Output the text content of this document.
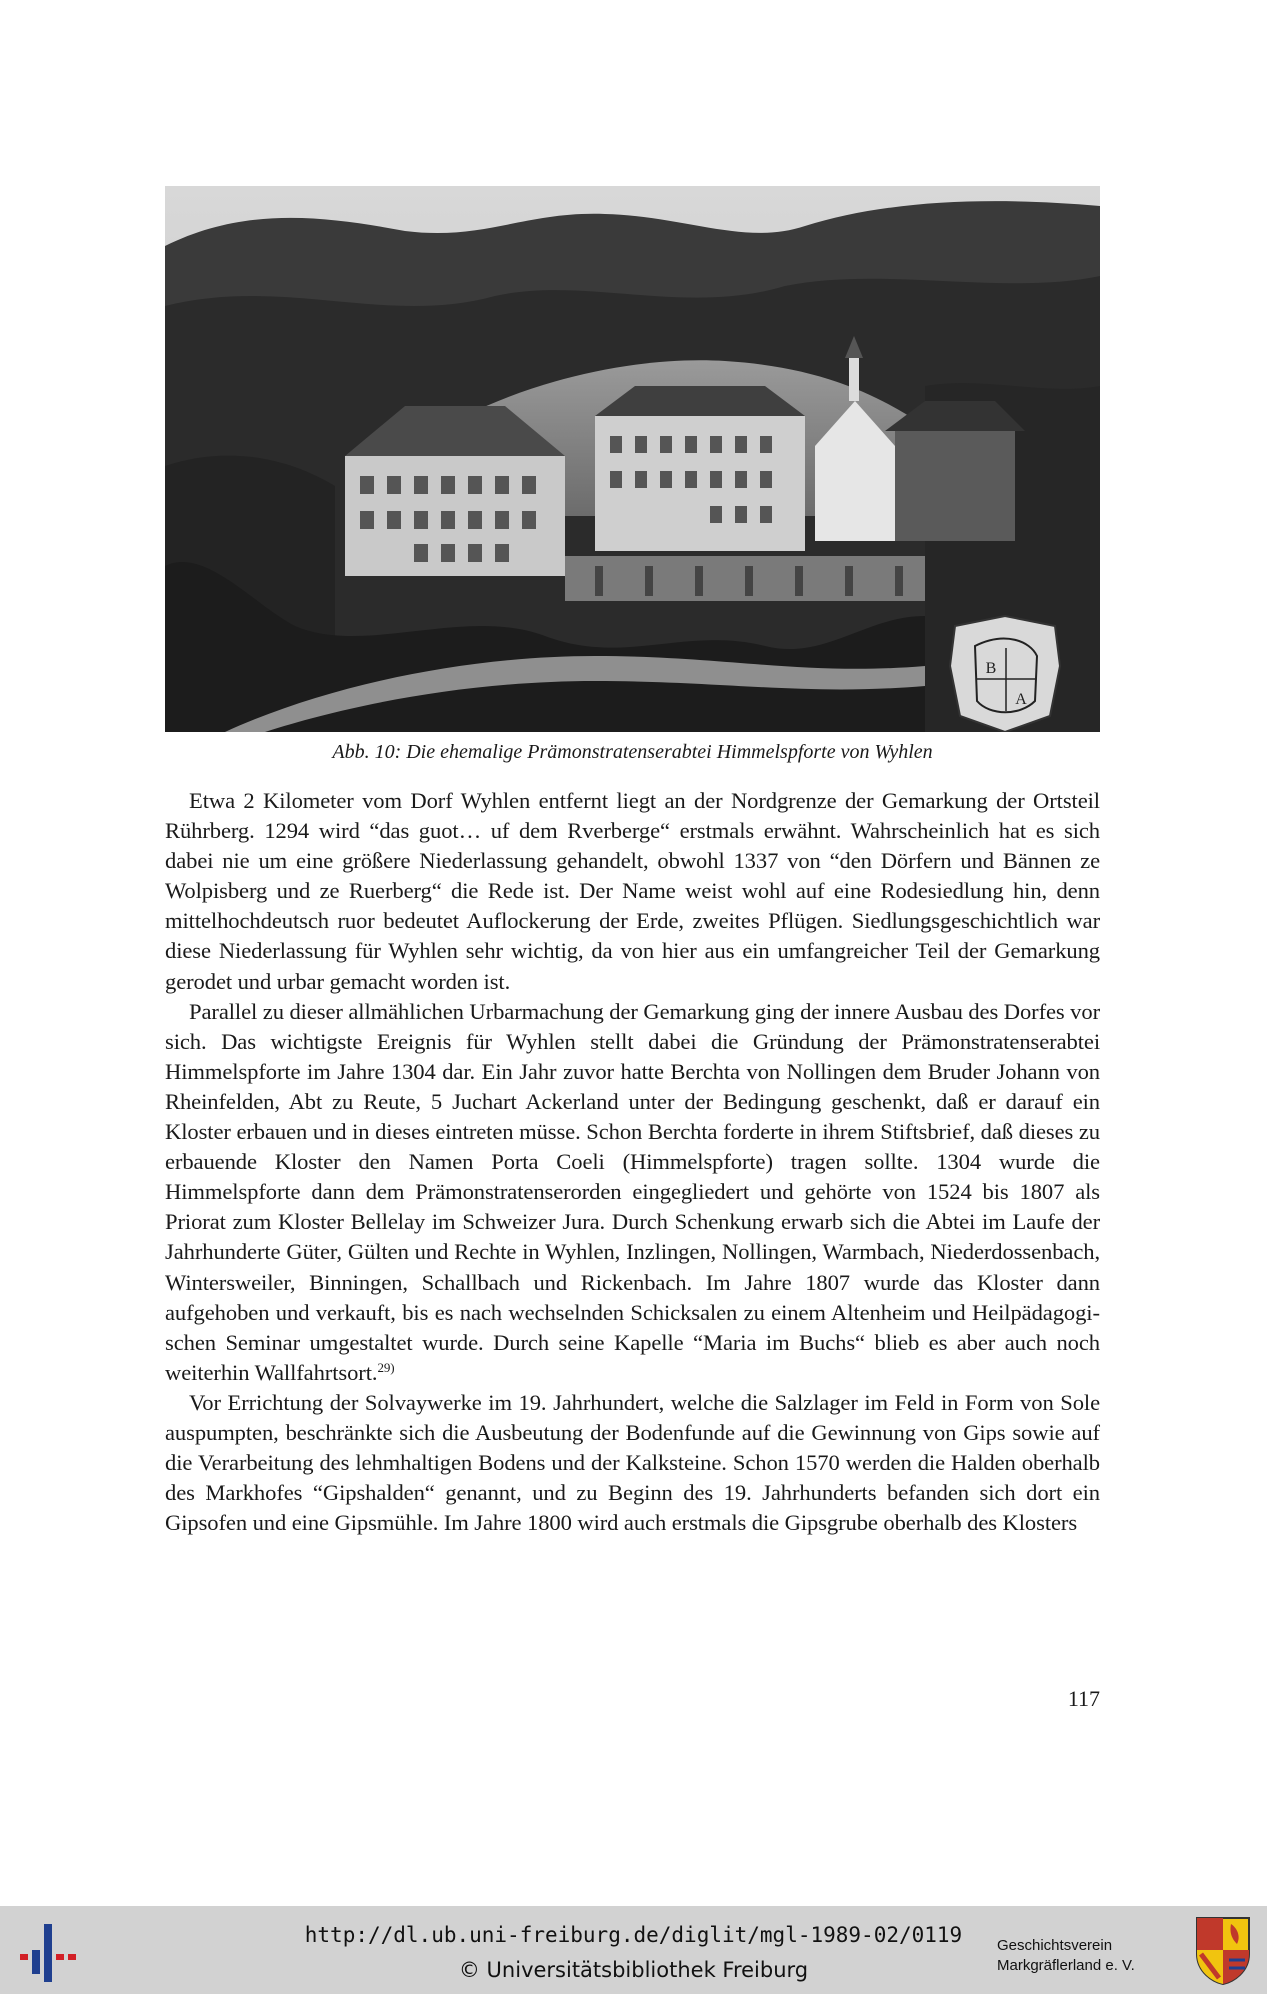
B
A
Abb. 10: Die ehemalige Prämonstratenserabtei Himmelspforte von Wyhlen

Etwa 2 Kilometer vom Dorf Wyhlen entfernt liegt an der Nordgrenze der Gemarkung der Ortsteil Rührberg. 1294 wird “das guot… uf dem Rverberge“ erstmals erwähnt. Wahrscheinlich hat es sich dabei nie um eine größere Niederlassung gehandelt, obwohl 1337 von “den Dörfern und Bännen ze Wolpisberg und ze Ruerberg“ die Rede ist. Der Name weist wohl auf eine Rodesiedlung hin, denn mittelhochdeutsch ruor bedeutet Auflockerung der Erde, zweites Pflügen. Siedlungsgeschichtlich war diese Niederlassung für Wyhlen sehr wichtig, da von hier aus ein umfangreicher Teil der Gemarkung gerodet und urbar gemacht worden ist.

Parallel zu dieser allmählichen Urbarmachung der Gemarkung ging der innere Ausbau des Dorfes vor sich. Das wichtigste Ereignis für Wyhlen stellt dabei die Gründung der Prämonstratenserabtei Himmelspforte im Jahre 1304 dar. Ein Jahr zuvor hatte Berchta von Nollingen dem Bruder Johann von Rheinfelden, Abt zu Reute, 5 Juchart Ackerland unter der Bedingung geschenkt, daß er darauf ein Kloster erbauen und in dieses eintreten müsse. Schon Berchta forderte in ihrem Stiftsbrief, daß dieses zu erbauende Kloster den Namen Porta Coeli (Himmelspforte) tragen sollte. 1304 wurde die Himmelspforte dann dem Prämonstratenserorden eingegliedert und gehörte von 1524 bis 1807 als Priorat zum Kloster Bellelay im Schweizer Jura. Durch Schenkung erwarb sich die Abtei im Laufe der Jahrhunderte Güter, Gülten und Rechte in Wyhlen, Inzlingen, Nollingen, Warmbach, Niederdossenbach, Wintersweiler, Binningen, Schallbach und Rickenbach. Im Jahre 1807 wurde das Kloster dann aufgehoben und verkauft, bis es nach wechselnden Schicksalen zu einem Altenheim und Heilpädagogischen Seminar umgestaltet wurde. Durch seine Kapelle “Maria im Buchs“ blieb es aber auch noch weiterhin Wallfahrtsort.$^{29)}$

Vor Errichtung der Solvaywerke im 19. Jahrhundert, welche die Salzlager im Feld in Form von Sole auspumpten, beschränkte sich die Ausbeutung der Bodenfunde auf die Gewinnung von Gips sowie auf die Verarbeitung des lehmhaltigen Bodens und der Kalksteine. Schon 1570 werden die Halden oberhalb des Markhofes “Gipshalden“ genannt, und zu Beginn des 19. Jahrhunderts befanden sich dort ein Gipsofen und eine Gipsmühle. Im Jahre 1800 wird auch erstmals die Gipsgrube oberhalb des Klosters

117
http://dl.ub.uni-freiburg.de/diglit/mgl-1989-02/0119
© Universitätsbibliothek Freiburg
Geschichtsverein
Markgräflerland e. V.
